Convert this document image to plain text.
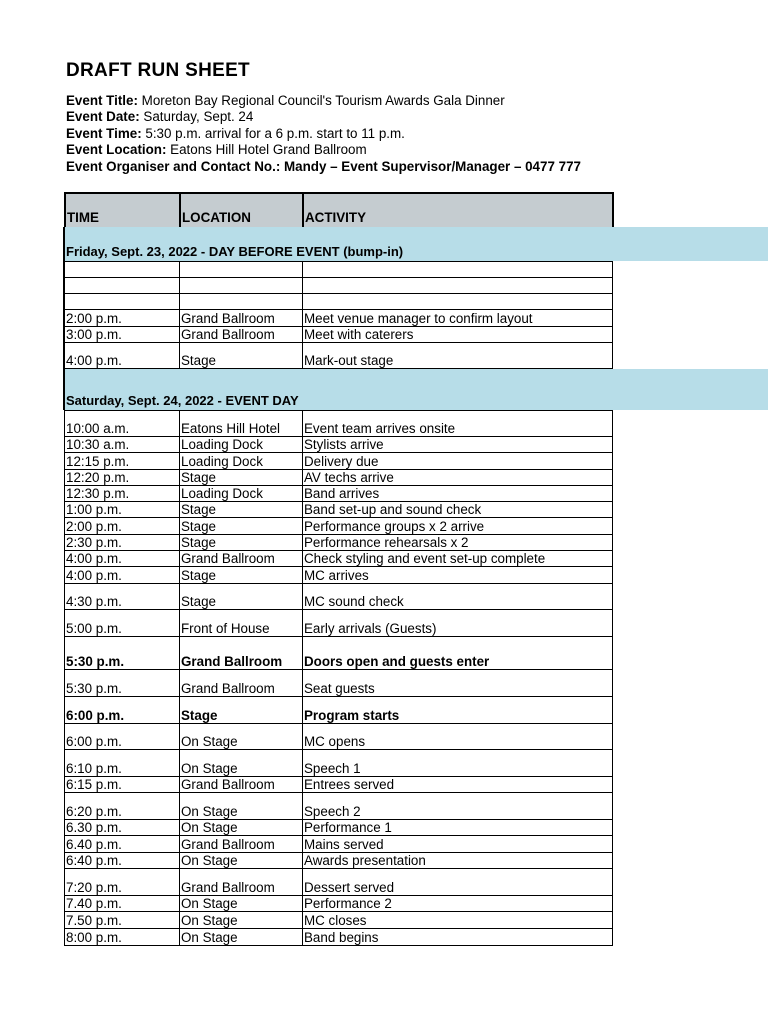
DRAFT RUN SHEET
Event Title: Moreton Bay Regional Council's Tourism Awards Gala Dinner
Event Date: Saturday, Sept. 24
Event Time: 5:30 p.m. arrival for a 6 p.m. start to 11 p.m.
Event Location: Eatons Hill Hotel Grand Ballroom
Event Organiser and Contact No.: Mandy – Event Supervisor/Manager – 0477 777
TIME	LOCATION	ACTIVITY
Friday, Sept. 23, 2022 - DAY BEFORE EVENT (bump-in)

2:00 p.m.	Grand Ballroom	Meet venue manager to confirm layout
3:00 p.m.	Grand Ballroom	Meet with caterers
4:00 p.m.	Stage	Mark-out stage
Saturday, Sept. 24, 2022 - EVENT DAY
10:00 a.m.	Eatons Hill Hotel	Event team arrives onsite
10:30 a.m.	Loading Dock	Stylists arrive
12:15 p.m.	Loading Dock	Delivery due
12:20 p.m.	Stage	AV techs arrive
12:30 p.m.	Loading Dock	Band arrives
1:00 p.m.	Stage	Band set-up and sound check
2:00 p.m.	Stage	Performance groups x 2 arrive
2:30 p.m.	Stage	Performance rehearsals x 2
4:00 p.m.	Grand Ballroom	Check styling and event set-up complete
4:00 p.m.	Stage	MC arrives
4:30 p.m.	Stage	MC sound check
5:00 p.m.	Front of House	Early arrivals (Guests)
5:30 p.m.	Grand Ballroom	Doors open and guests enter
5:30 p.m.	Grand Ballroom	Seat guests
6:00 p.m.	Stage	Program starts
6:00 p.m.	On Stage	MC opens
6:10 p.m.	On Stage	Speech 1
6:15 p.m.	Grand Ballroom	Entrees served
6:20 p.m.	On Stage	Speech 2
6.30 p.m.	On Stage	Performance 1
6.40 p.m.	Grand Ballroom	Mains served
6:40 p.m.	On Stage	Awards presentation
7:20 p.m.	Grand Ballroom	Dessert served
7.40 p.m.	On Stage	Performance 2
7.50 p.m.	On Stage	MC closes
8:00 p.m.	On Stage	Band begins
